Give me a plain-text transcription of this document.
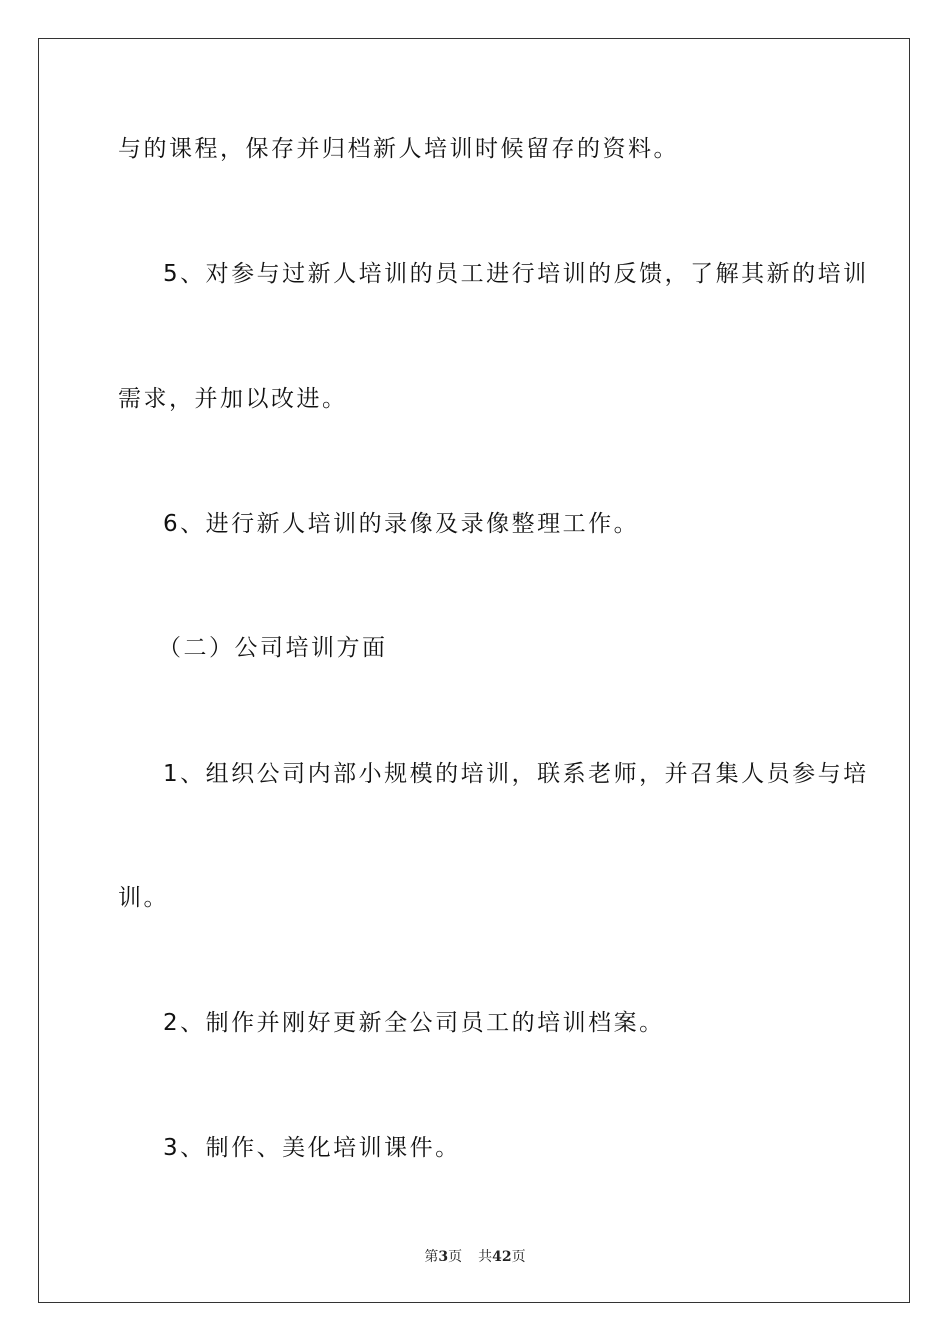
与的课程，保存并归档新人培训时候留存的资料。
5、对参与过新人培训的员工进行培训的反馈，了解其新的培训
需求，并加以改进。
6、进行新人培训的录像及录像整理工作。
（二）公司培训方面
1、组织公司内部小规模的培训，联系老师，并召集人员参与培
训。
2、制作并刚好更新全公司员工的培训档案。
3、制作、美化培训课件。
第3页 共42页
